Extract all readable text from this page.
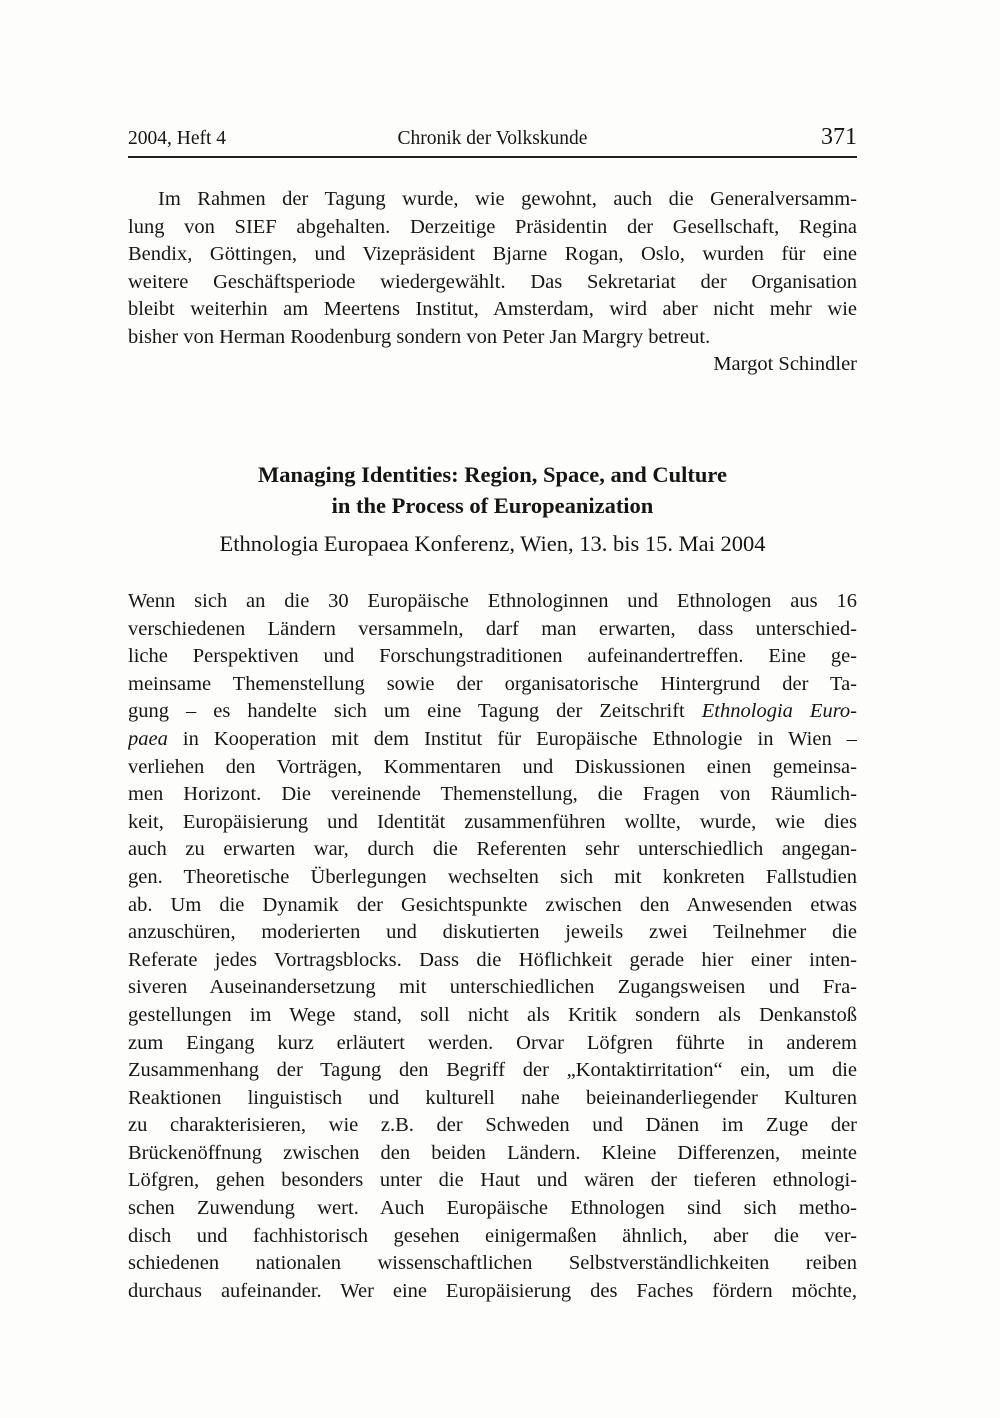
2004, Heft 4	Chronik der Volkskunde	371
Im Rahmen der Tagung wurde, wie gewohnt, auch die Generalversamm-
lung von SIEF abgehalten. Derzeitige Präsidentin der Gesellschaft, Regina
Bendix, Göttingen, und Vizepräsident Bjarne Rogan, Oslo, wurden für eine
weitere Geschäftsperiode wiedergewählt. Das Sekretariat der Organisation
bleibt weiterhin am Meertens Institut, Amsterdam, wird aber nicht mehr wie
bisher von Herman Roodenburg sondern von Peter Jan Margry betreut.
Margot Schindler
Managing Identities: Region, Space, and Culture
in the Process of Europeanization
Ethnologia Europaea Konferenz, Wien, 13. bis 15. Mai 2004
Wenn sich an die 30 Europäische Ethnologinnen und Ethnologen aus 16
verschiedenen Ländern versammeln, darf man erwarten, dass unterschied-
liche Perspektiven und Forschungstraditionen aufeinandertreffen. Eine ge-
meinsame Themenstellung sowie der organisatorische Hintergrund der Ta-
gung – es handelte sich um eine Tagung der Zeitschrift Ethnologia Euro-
paea in Kooperation mit dem Institut für Europäische Ethnologie in Wien –
verliehen den Vorträgen, Kommentaren und Diskussionen einen gemeinsa-
men Horizont. Die vereinende Themenstellung, die Fragen von Räumlich-
keit, Europäisierung und Identität zusammenführen wollte, wurde, wie dies
auch zu erwarten war, durch die Referenten sehr unterschiedlich angegan-
gen. Theoretische Überlegungen wechselten sich mit konkreten Fallstudien
ab. Um die Dynamik der Gesichtspunkte zwischen den Anwesenden etwas
anzuschüren, moderierten und diskutierten jeweils zwei Teilnehmer die
Referate jedes Vortragsblocks. Dass die Höflichkeit gerade hier einer inten-
siveren Auseinandersetzung mit unterschiedlichen Zugangsweisen und Fra-
gestellungen im Wege stand, soll nicht als Kritik sondern als Denkanstoß
zum Eingang kurz erläutert werden. Orvar Löfgren führte in anderem
Zusammenhang der Tagung den Begriff der „Kontaktirritation“ ein, um die
Reaktionen linguistisch und kulturell nahe beieinanderliegender Kulturen
zu charakterisieren, wie z.B. der Schweden und Dänen im Zuge der
Brückenöffnung zwischen den beiden Ländern. Kleine Differenzen, meinte
Löfgren, gehen besonders unter die Haut und wären der tieferen ethnologi-
schen Zuwendung wert. Auch Europäische Ethnologen sind sich metho-
disch und fachhistorisch gesehen einigermaßen ähnlich, aber die ver-
schiedenen nationalen wissenschaftlichen Selbstverständlichkeiten reiben
durchaus aufeinander. Wer eine Europäisierung des Faches fördern möchte,
